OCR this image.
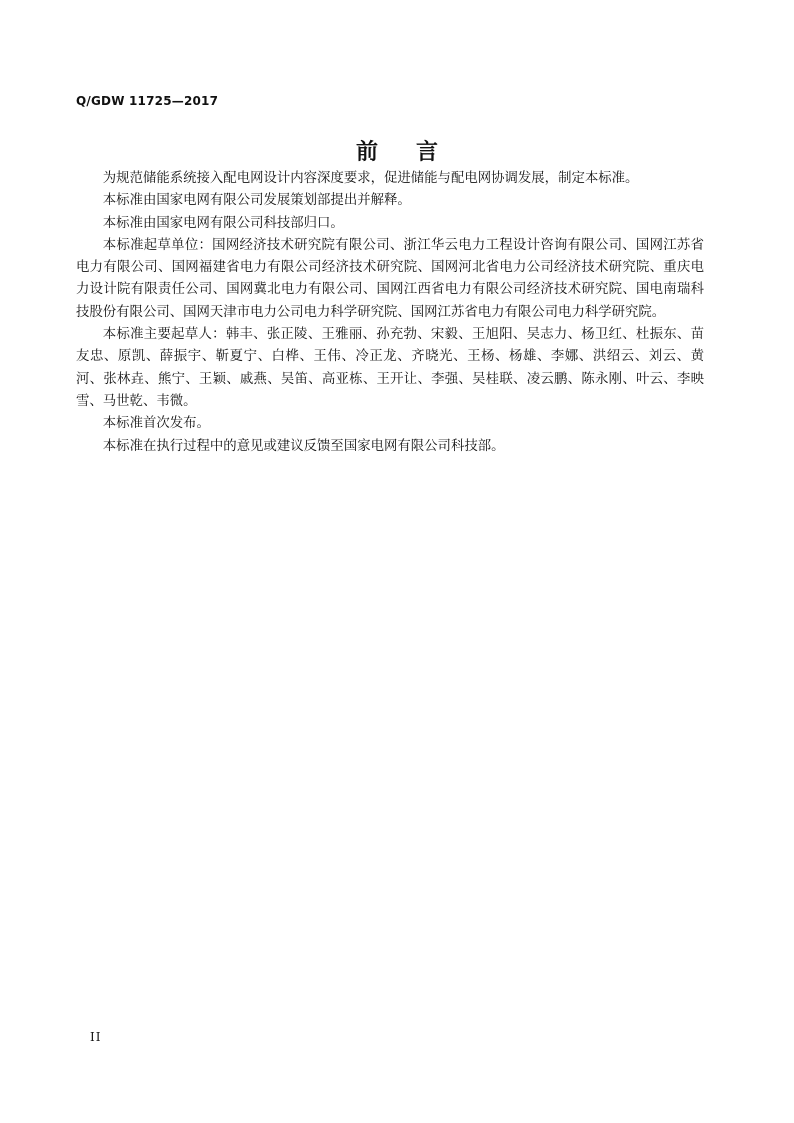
Q/GDW 11725—2017
前言

为规范储能系统接入配电网设计内容深度要求，促进储能与配电网协调发展，制定本标准。

本标准由国家电网有限公司发展策划部提出并解释。

本标准由国家电网有限公司科技部归口。

本标准起草单位：国网经济技术研究院有限公司、浙江华云电力工程设计咨询有限公司、国网江苏省电力有限公司、国网福建省电力有限公司经济技术研究院、国网河北省电力公司经济技术研究院、重庆电力设计院有限责任公司、国网冀北电力有限公司、国网江西省电力有限公司经济技术研究院、国电南瑞科技股份有限公司、国网天津市电力公司电力科学研究院、国网江苏省电力有限公司电力科学研究院。

本标准主要起草人：韩丰、张正陵、王雅丽、孙充勃、宋毅、王旭阳、吴志力、杨卫红、杜振东、苗友忠、原凯、薛振宇、靳夏宁、白桦、王伟、冷正龙、齐晓光、王杨、杨雄、李娜、洪绍云、刘云、黄河、张林垚、熊宁、王颖、戚燕、吴笛、高亚栋、王开让、李强、吴桂联、凌云鹏、陈永刚、叶云、李映雪、马世乾、韦微。

本标准首次发布。

本标准在执行过程中的意见或建议反馈至国家电网有限公司科技部。

II
